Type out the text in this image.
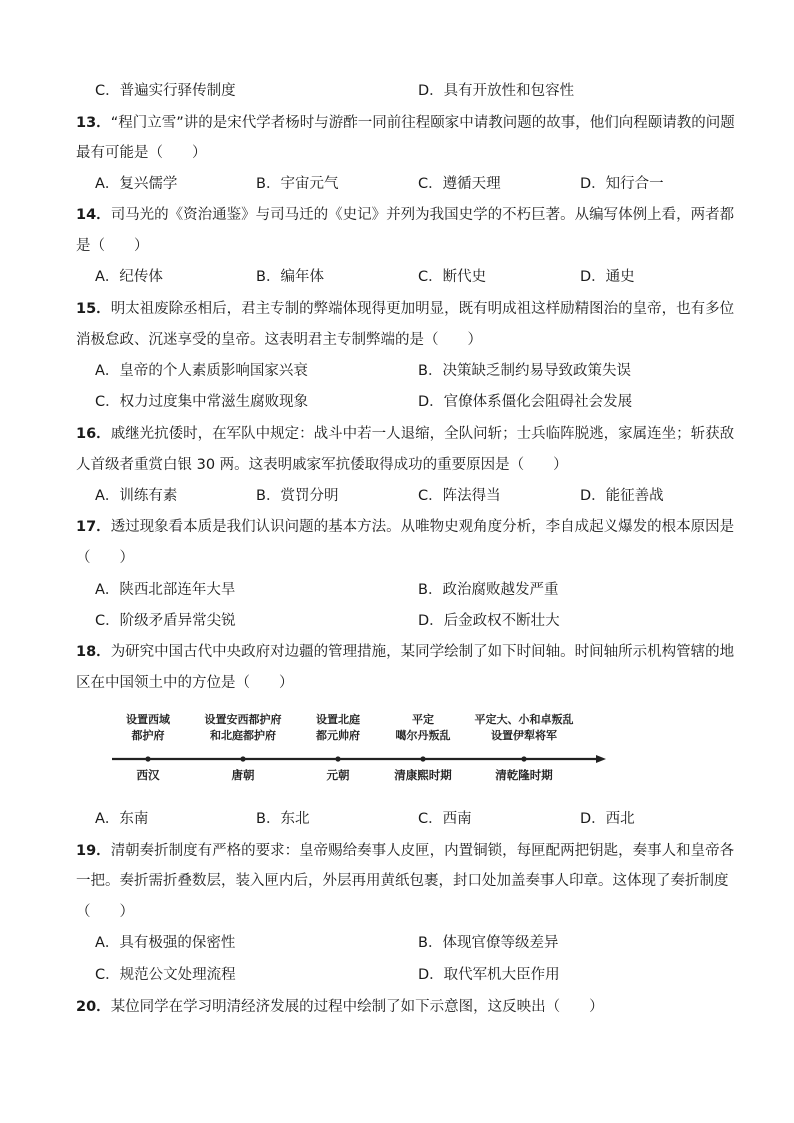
C．普遍实行驿传制度	D．具有开放性和包容性
13．“程门立雪”讲的是宋代学者杨时与游酢一同前往程颐家中请教问题的故事，他们向程颐请教的问题
最有可能是（　　）
A．复兴儒学	B．宇宙元气	C．遵循天理	D．知行合一
14．司马光的《资治通鉴》与司马迁的《史记》并列为我国史学的不朽巨著。从编写体例上看，两者都
是（　　）
A．纪传体	B．编年体	C．断代史	D．通史
15．明太祖废除丞相后，君主专制的弊端体现得更加明显，既有明成祖这样励精图治的皇帝，也有多位
消极怠政、沉迷享受的皇帝。这表明君主专制弊端的是（　　）
A．皇帝的个人素质影响国家兴衰	B．决策缺乏制约易导致政策失误
C．权力过度集中常滋生腐败现象	D．官僚体系僵化会阻碍社会发展
16．戚继光抗倭时，在军队中规定：战斗中若一人退缩，全队问斩；士兵临阵脱逃，家属连坐；斩获敌
人首级者重赏白银 30 两。这表明戚家军抗倭取得成功的重要原因是（　　）
A．训练有素	B．赏罚分明	C．阵法得当	D．能征善战
17．透过现象看本质是我们认识问题的基本方法。从唯物史观角度分析，李自成起义爆发的根本原因是
（　　）
A．陕西北部连年大旱	B．政治腐败越发严重
C．阶级矛盾异常尖锐	D．后金政权不断壮大
18．为研究中国古代中央政府对边疆的管理措施，某同学绘制了如下时间轴。时间轴所示机构管辖的地
区在中国领土中的方位是（　　）
设置西域
都护府
设置安西都护府
和北庭都护府
设置北庭
都元帅府
平定
噶尔丹叛乱
平定大、小和卓叛乱
设置伊犁将军
西汉	唐朝	元朝	清康熙时期	清乾隆时期
A．东南	B．东北	C．西南	D．西北
19．清朝奏折制度有严格的要求：皇帝赐给奏事人皮匣，内置铜锁，每匣配两把钥匙，奏事人和皇帝各
一把。奏折需折叠数层，装入匣内后，外层再用黄纸包裹，封口处加盖奏事人印章。这体现了奏折制度
（　　）
A．具有极强的保密性	B．体现官僚等级差异
C．规范公文处理流程	D．取代军机大臣作用
20．某位同学在学习明清经济发展的过程中绘制了如下示意图，这反映出（　　）
